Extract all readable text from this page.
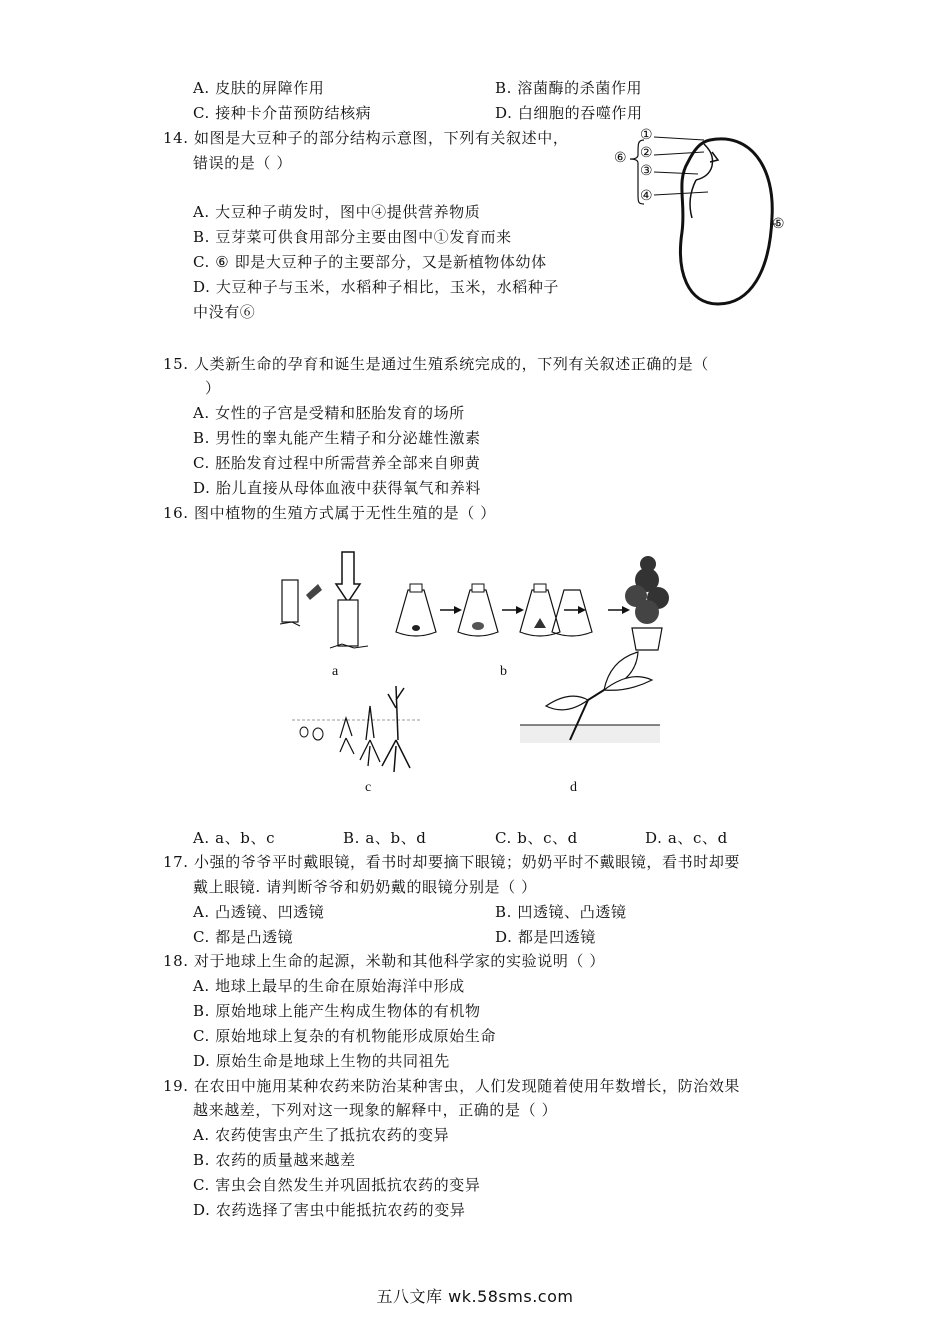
A. 皮肤的屏障作用	B. 溶菌酶的杀菌作用
C. 接种卡介苗预防结核病	D. 白细胞的吞噬作用
14. 如图是大豆种子的部分结构示意图，下列有关叙述中，
错误的是（ ）
A. 大豆种子萌发时，图中④提供营养物质
B. 豆芽菜可供食用部分主要由图中①发育而来
C. ⑥ 即是大豆种子的主要部分，又是新植物体幼体
D. 大豆种子与玉米，水稻种子相比，玉米，水稻种子
中没有⑥
①
②
③
④
⑥
⑤
15. 人类新生命的孕育和诞生是通过生殖系统完成的，下列有关叙述正确的是（
）
A. 女性的子宫是受精和胚胎发育的场所
B. 男性的睾丸能产生精子和分泌雄性激素
C. 胚胎发育过程中所需营养全部来自卵黄
D. 胎儿直接从母体血液中获得氧气和养料
16. 图中植物的生殖方式属于无性生殖的是（ ）
a	b
c	d
A. a、b、c	B. a、b、d	C. b、c、d	D. a、c、d
17. 小强的爷爷平时戴眼镜，看书时却要摘下眼镜；奶奶平时不戴眼镜，看书时却要
戴上眼镜. 请判断爷爷和奶奶戴的眼镜分别是（ ）
A. 凸透镜、凹透镜	B. 凹透镜、凸透镜
C. 都是凸透镜	D. 都是凹透镜
18. 对于地球上生命的起源，米勒和其他科学家的实验说明（ ）
A. 地球上最早的生命在原始海洋中形成
B. 原始地球上能产生构成生物体的有机物
C. 原始地球上复杂的有机物能形成原始生命
D. 原始生命是地球上生物的共同祖先
19. 在农田中施用某种农药来防治某种害虫，人们发现随着使用年数增长，防治效果
越来越差，下列对这一现象的解释中，正确的是（ ）
A. 农药使害虫产生了抵抗农药的变异
B. 农药的质量越来越差
C. 害虫会自然发生并巩固抵抗农药的变异
D. 农药选择了害虫中能抵抗农药的变异
五八文库 wk.58sms.com
